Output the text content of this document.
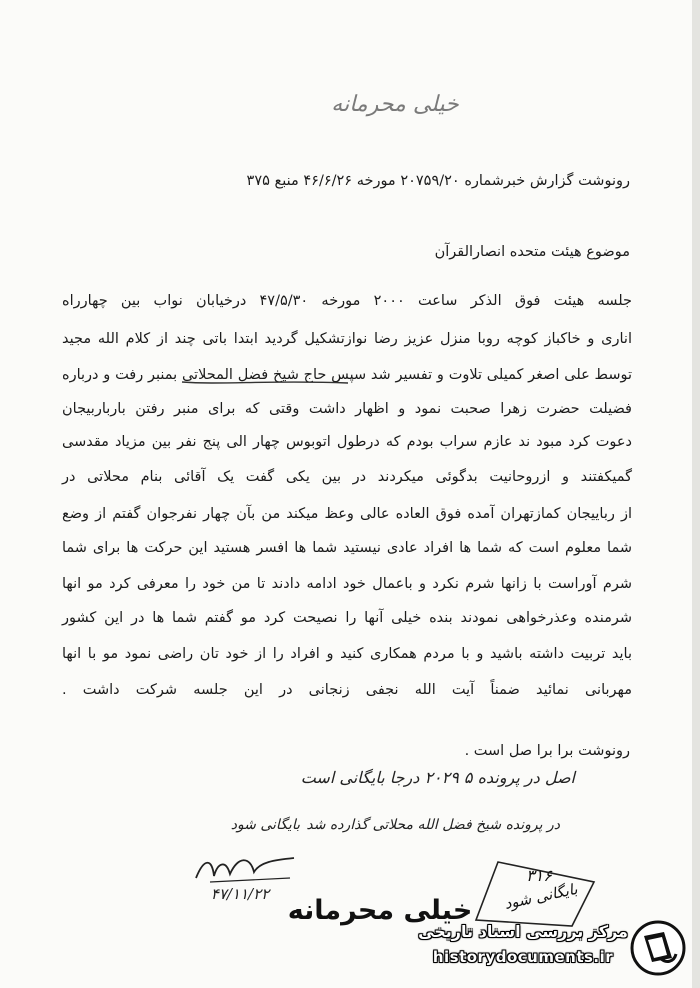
خیلی محرمانه
رونوشت گزارش خبرشماره ۲۰۷۵۹/۲۰ مورخه ۴۶/۶/۲۶ منبع ۳۷۵
موضوع هیئت متحده انصارالقرآن
جلسه هیئت فوق الذکر ساعت ۲۰۰۰ مورخه ۴۷/۵/۳۰ درخیابان نواب بین چهارراه
اناری و خاکباز کوچه روبا منزل عزیز رضا نوازتشکیل گردید ابتدا باتی چند از کلام الله مجید
توسط علی اصغر کمیلی تلاوت و تفسیر شد سپس حاج شیخ فضل المحلاتی بمنبر رفت و درباره
فضیلت حضرت زهرا صحبت نمود و اظهار داشت وقتی که برای منبر رفتن بارباربیجان
دعوت کرد مبود ند عازم سراب بودم که درطول اتوبوس چهار الی پنج نفر بین مزیاد مقدسی
گمیکفتند و ازروحانیت بدگوئی میکردند در بین یکی گفت یک آقائی بنام محلاتی در
از رباییجان کمازتهران آمده فوق العاده عالی وعظ میکند من بآن چهار نفرجوان گفتم از وضع
شما معلوم است که شما ها افراد عادی نیستید شما ها افسر هستید این حرکت ها برای شما
شرم آوراست با زانها شرم نکرد و باعمال خود ادامه دادند تا من خود را معرفی کرد مو انها
شرمنده وعذرخواهی نمودند بنده خیلی آنها را نصیحت کرد مو گفتم شما ها در این کشور
باید تربیت داشته باشید و با مردم همکاری کنید و افراد را از خود تان راضی نمود مو با انها
مهربانی نمائید ضمناً آیت الله نجفی زنجانی در این جلسه شرکت داشت .
رونوشت برا برا صل است .
اصل در پرونده ۵ ۲۰۲۹ درجا بایگانی است
در پرونده شیخ فضل الله محلاتی گذارده شد
بایگانی شود
۴۷/۱۱/۲۲
خیلی محرمانه
۳۱۶
بایگانی شود
مرکز بررسی اسناد تاریخی
historydocuments.ir
